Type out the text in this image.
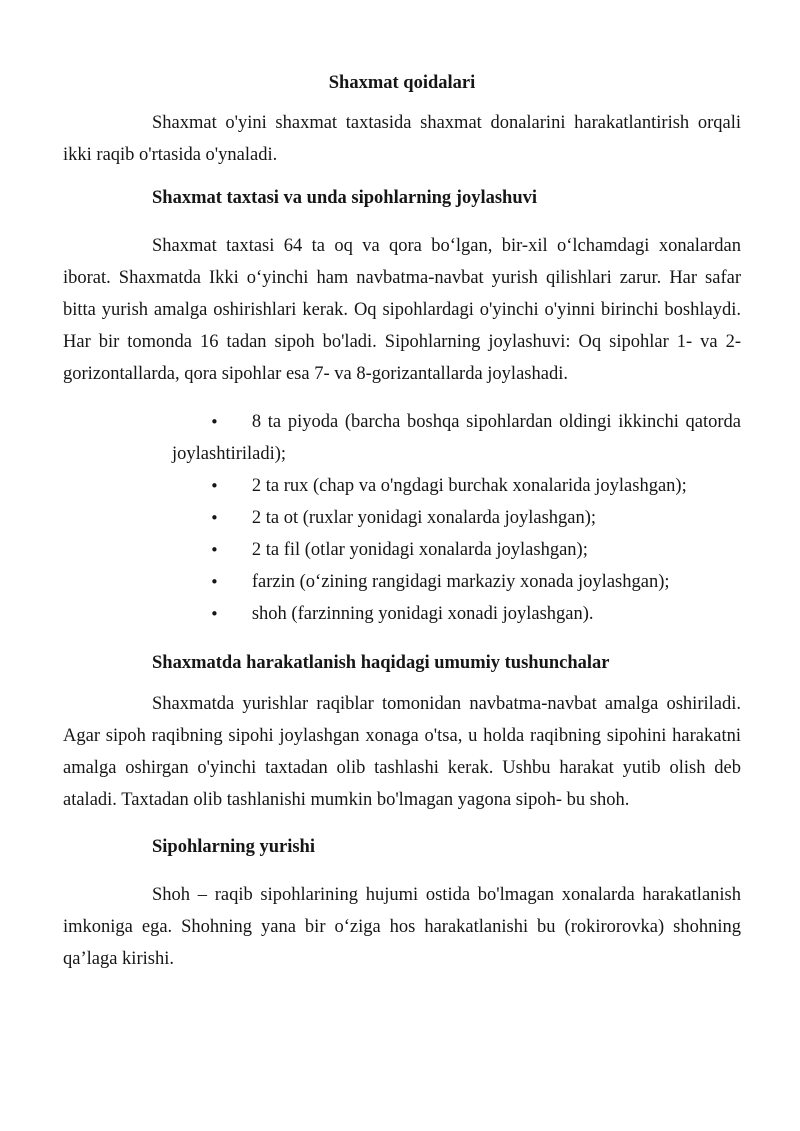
Shaxmat qoidalari

Shaxmat o'yini shaxmat taxtasida shaxmat donalarini harakatlantirish orqali ikki raqib o'rtasida o'ynaladi.

Shaxmat taxtasi va unda sipohlarning joylashuvi

Shaxmat taxtasi 64 ta oq va qora bo‘lgan, bir-xil o‘lchamdagi xonalardan iborat. Shaxmatda Ikki o‘yinchi ham navbatma-navbat yurish qilishlari zarur. Har safar bitta yurish amalga oshirishlari kerak. Oq sipohlardagi o'yinchi o'yinni birinchi boshlaydi. Har bir tomonda 16 tadan sipoh bo'ladi. Sipohlarning joylashuvi: Oq sipohlar 1- va 2-gorizontallarda, qora sipohlar esa 7- va 8-gorizantallarda joylashadi.

• 8 ta piyoda (barcha boshqa sipohlardan oldingi ikkinchi qatorda joylashtiriladi);
• 2 ta rux (chap va o'ngdagi burchak xonalarida joylashgan);
• 2 ta ot (ruxlar yonidagi xonalarda joylashgan);
• 2 ta fil (otlar yonidagi xonalarda joylashgan);
• farzin (o‘zining rangidagi markaziy xonada joylashgan);
• shoh (farzinning yonidagi xonadi joylashgan).
Shaxmatda harakatlanish haqidagi umumiy tushunchalar

Shaxmatda yurishlar raqiblar tomonidan navbatma-navbat amalga oshiriladi. Agar sipoh raqibning sipohi joylashgan xonaga o'tsa, u holda raqibning sipohini harakatni amalga oshirgan o'yinchi taxtadan olib tashlashi kerak. Ushbu harakat yutib olish deb ataladi. Taxtadan olib tashlanishi mumkin bo'lmagan yagona sipoh- bu shoh.

Sipohlarning yurishi

Shoh – raqib sipohlarining hujumi ostida bo'lmagan xonalarda harakatlanish imkoniga ega. Shohning yana bir o‘ziga hos harakatlanishi bu (rokirorovka) shohning qa’laga kirishi.
